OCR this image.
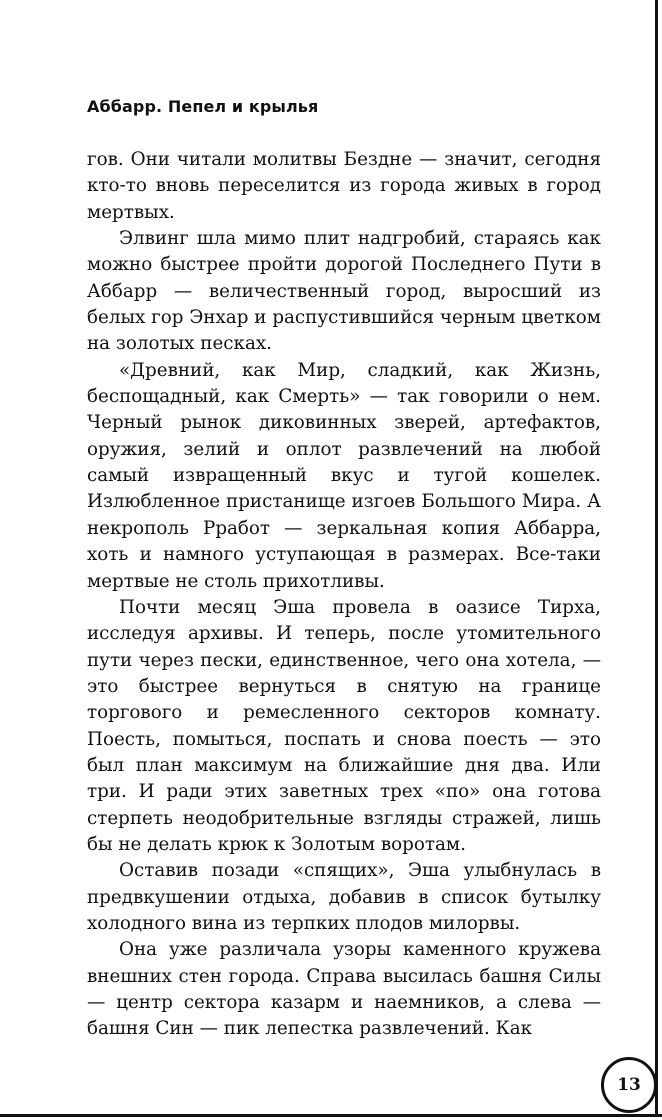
Аббарр. Пепел и крылья

гов. Они читали молитвы Бездне — значит, сегодня кто-то вновь переселится из города живых в город мертвых.

Элвинг шла мимо плит надгробий, стараясь как можно быстрее пройти дорогой Последнего Пути в Аббарр — величественный город, выросший из белых гор Энхар и распустившийся черным цветком на золотых песках.

«Древний, как Мир, сладкий, как Жизнь, беспощадный, как Смерть» — так говорили о нем. Черный рынок диковинных зверей, артефактов, оружия, зелий и оплот развлечений на любой самый извращенный вкус и тугой кошелек. Излюбленное пристанище изгоев Большого Мира. А некрополь Рработ — зеркальная копия Аббарра, хоть и намного уступающая в размерах. Все-таки мертвые не столь прихотливы.

Почти месяц Эша провела в оазисе Тирха, исследуя архивы. И теперь, после утомительного пути через пески, единственное, чего она хотела, — это быстрее вернуться в снятую на границе торгового и ремесленного секторов комнату. Поесть, помыться, поспать и снова поесть — это был план максимум на ближайшие дня два. Или три. И ради этих заветных трех «по» она готова стерпеть неодобрительные взгляды стражей, лишь бы не делать крюк к Золотым воротам.

Оставив позади «спящих», Эша улыбнулась в предвкушении отдыха, добавив в список бутылку холодного вина из терпких плодов милорвы.

Она уже различала узоры каменного кружева внешних стен города. Справа высилась башня Силы — центр сектора казарм и наемников, а слева — башня Син — пик лепестка развлечений. Как

13
